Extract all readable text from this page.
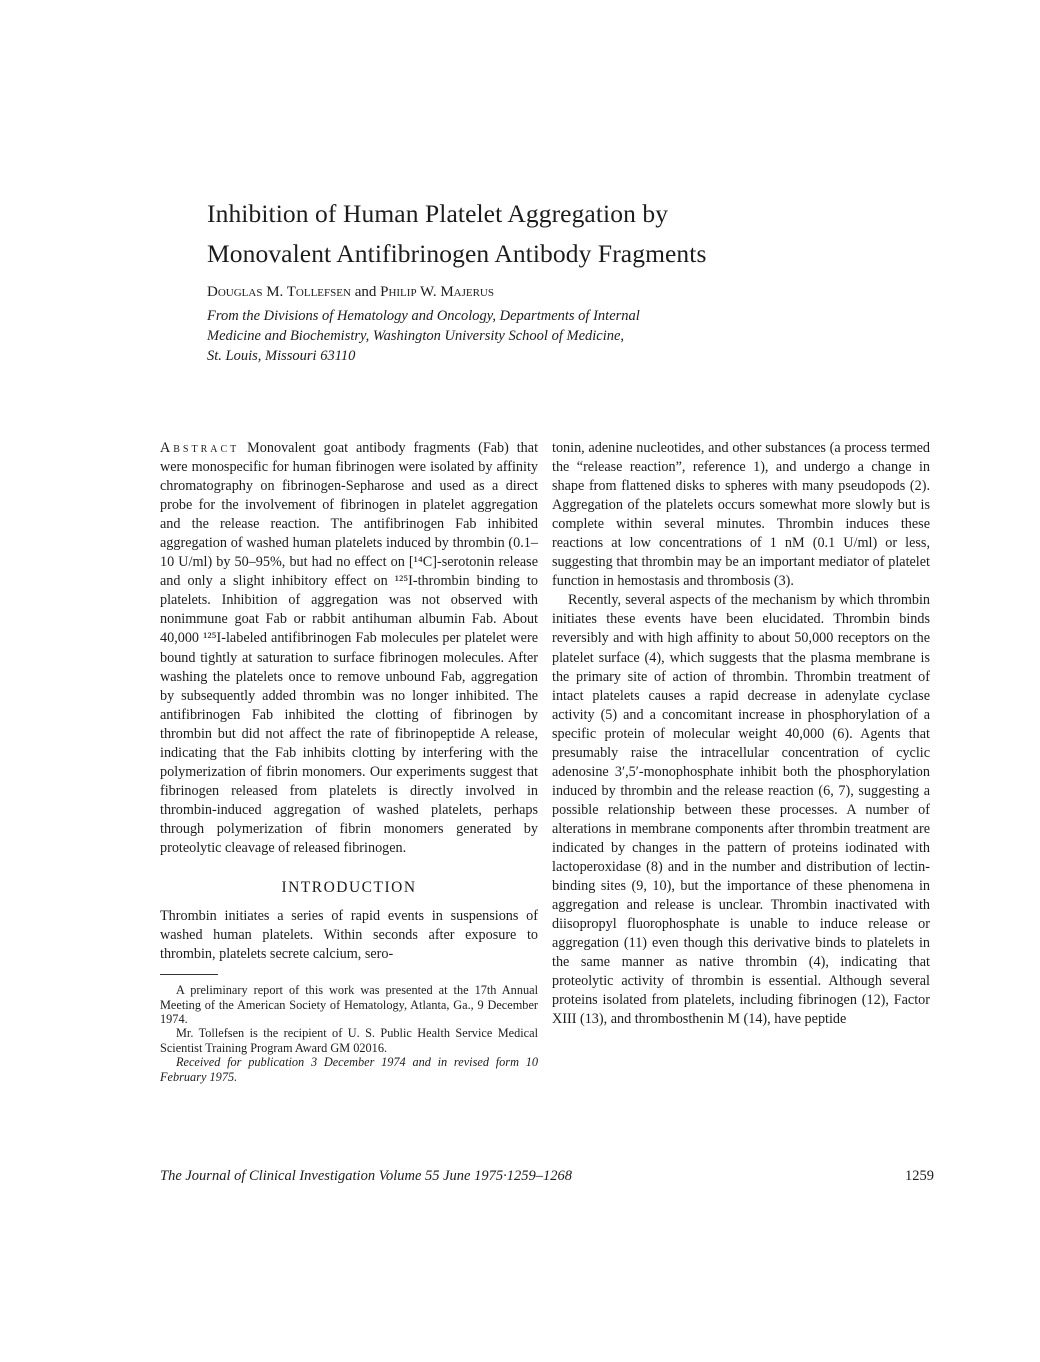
Inhibition of Human Platelet Aggregation by
Monovalent Antifibrinogen Antibody Fragments

Douglas M. Tollefsen and Philip W. Majerus

From the Divisions of Hematology and Oncology, Departments of Internal
Medicine and Biochemistry, Washington University School of Medicine,
St. Louis, Missouri 63110

Abstract Monovalent goat antibody fragments (Fab) that were monospecific for human fibrinogen were isolated by affinity chromatography on fibrinogen-Sepharose and used as a direct probe for the involvement of fibrinogen in platelet aggregation and the release reaction. The antifibrinogen Fab inhibited aggregation of washed human platelets induced by thrombin (0.1–10 U/ml) by 50–95%, but had no effect on [¹⁴C]-serotonin release and only a slight inhibitory effect on ¹²⁵I-thrombin binding to platelets. Inhibition of aggregation was not observed with nonimmune goat Fab or rabbit antihuman albumin Fab. About 40,000 ¹²⁵I-labeled antifibrinogen Fab molecules per platelet were bound tightly at saturation to surface fibrinogen molecules. After washing the platelets once to remove unbound Fab, aggregation by subsequently added thrombin was no longer inhibited. The antifibrinogen Fab inhibited the clotting of fibrinogen by thrombin but did not affect the rate of fibrinopeptide A release, indicating that the Fab inhibits clotting by interfering with the polymerization of fibrin monomers. Our experiments suggest that fibrinogen released from platelets is directly involved in thrombin-induced aggregation of washed platelets, perhaps through polymerization of fibrin monomers generated by proteolytic cleavage of released fibrinogen.

INTRODUCTION

Thrombin initiates a series of rapid events in suspensions of washed human platelets. Within seconds after exposure to thrombin, platelets secrete calcium, sero-

A preliminary report of this work was presented at the 17th Annual Meeting of the American Society of Hematology, Atlanta, Ga., 9 December 1974.

Mr. Tollefsen is the recipient of U. S. Public Health Service Medical Scientist Training Program Award GM 02016.

Received for publication 3 December 1974 and in revised form 10 February 1975.

tonin, adenine nucleotides, and other substances (a process termed the “release reaction”, reference 1), and undergo a change in shape from flattened disks to spheres with many pseudopods (2). Aggregation of the platelets occurs somewhat more slowly but is complete within several minutes. Thrombin induces these reactions at low concentrations of 1 nM (0.1 U/ml) or less, suggesting that thrombin may be an important mediator of platelet function in hemostasis and thrombosis (3).

Recently, several aspects of the mechanism by which thrombin initiates these events have been elucidated. Thrombin binds reversibly and with high affinity to about 50,000 receptors on the platelet surface (4), which suggests that the plasma membrane is the primary site of action of thrombin. Thrombin treatment of intact platelets causes a rapid decrease in adenylate cyclase activity (5) and a concomitant increase in phosphorylation of a specific protein of molecular weight 40,000 (6). Agents that presumably raise the intracellular concentration of cyclic adenosine 3′,5′-monophosphate inhibit both the phosphorylation induced by thrombin and the release reaction (6, 7), suggesting a possible relationship between these processes. A number of alterations in membrane components after thrombin treatment are indicated by changes in the pattern of proteins iodinated with lactoperoxidase (8) and in the number and distribution of lectin-binding sites (9, 10), but the importance of these phenomena in aggregation and release is unclear. Thrombin inactivated with diisopropyl fluorophosphate is unable to induce release or aggregation (11) even though this derivative binds to platelets in the same manner as native thrombin (4), indicating that proteolytic activity of thrombin is essential. Although several proteins isolated from platelets, including fibrinogen (12), Factor XIII (13), and thrombosthenin M (14), have peptide

The Journal of Clinical Investigation Volume 55 June 1975·1259–1268	1259
